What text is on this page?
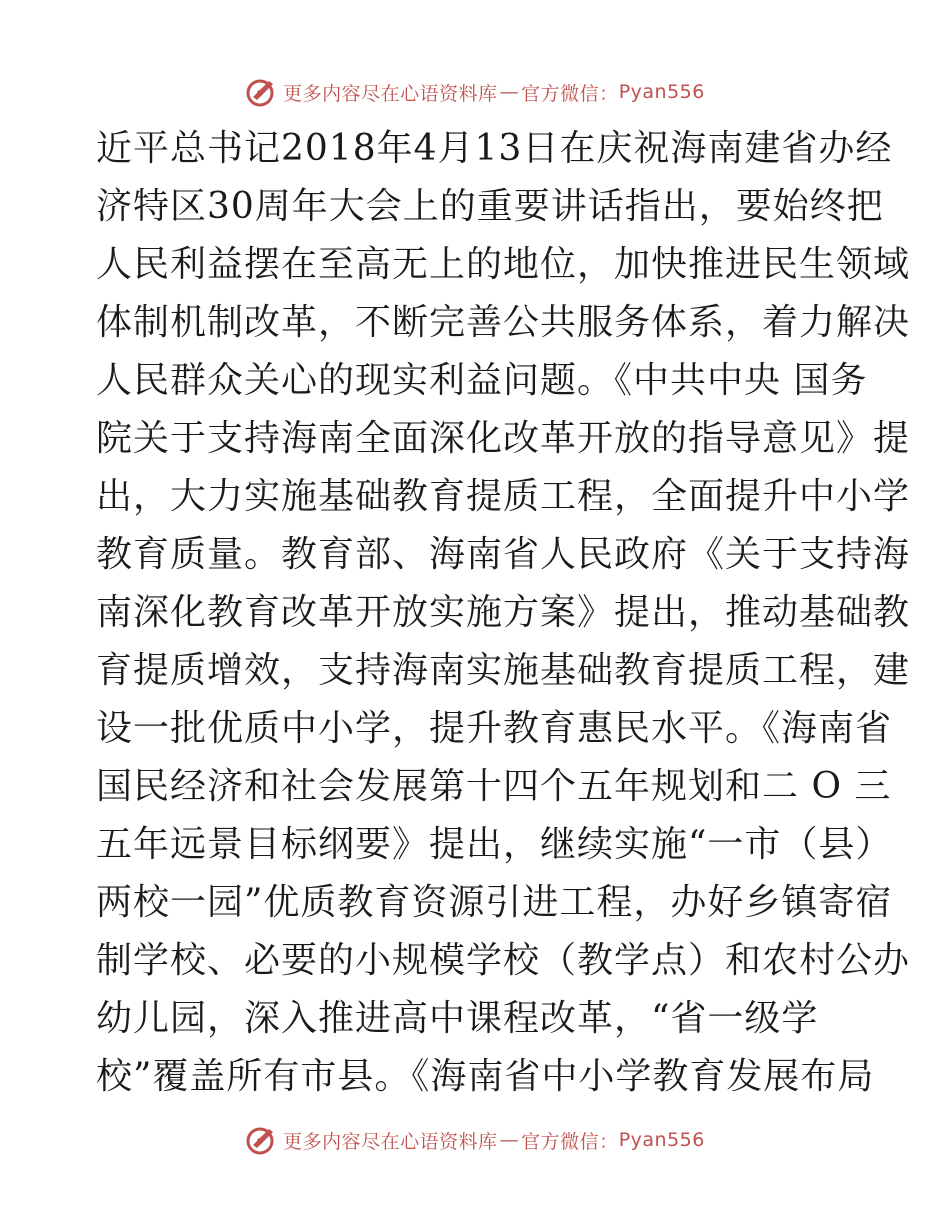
更多内容尽在心语资料库 — 官方微信： Pyan556
近平总书记2018年4月13日在庆祝海南建省办经
济特区30周年大会上的重要讲话指出，要始终把
人民利益摆在至高无上的地位，加快推进民生领域
体制机制改革，不断完善公共服务体系，着力解决
人民群众关心的现实利益问题。《中共中央 国务
院关于支持海南全面深化改革开放的指导意见》提
出，大力实施基础教育提质工程，全面提升中小学
教育质量。教育部、海南省人民政府《关于支持海
南深化教育改革开放实施方案》提出，推动基础教
育提质增效，支持海南实施基础教育提质工程，建
设一批优质中小学，提升教育惠民水平。《海南省
国民经济和社会发展第十四个五年规划和二 O 三
五年远景目标纲要》提出，继续实施“一市（县）
两校一园”优质教育资源引进工程，办好乡镇寄宿
制学校、必要的小规模学校（教学点）和农村公办
幼儿园，深入推进高中课程改革，“省一级学
校”覆盖所有市县。《海南省中小学教育发展布局
更多内容尽在心语资料库 — 官方微信： Pyan556
